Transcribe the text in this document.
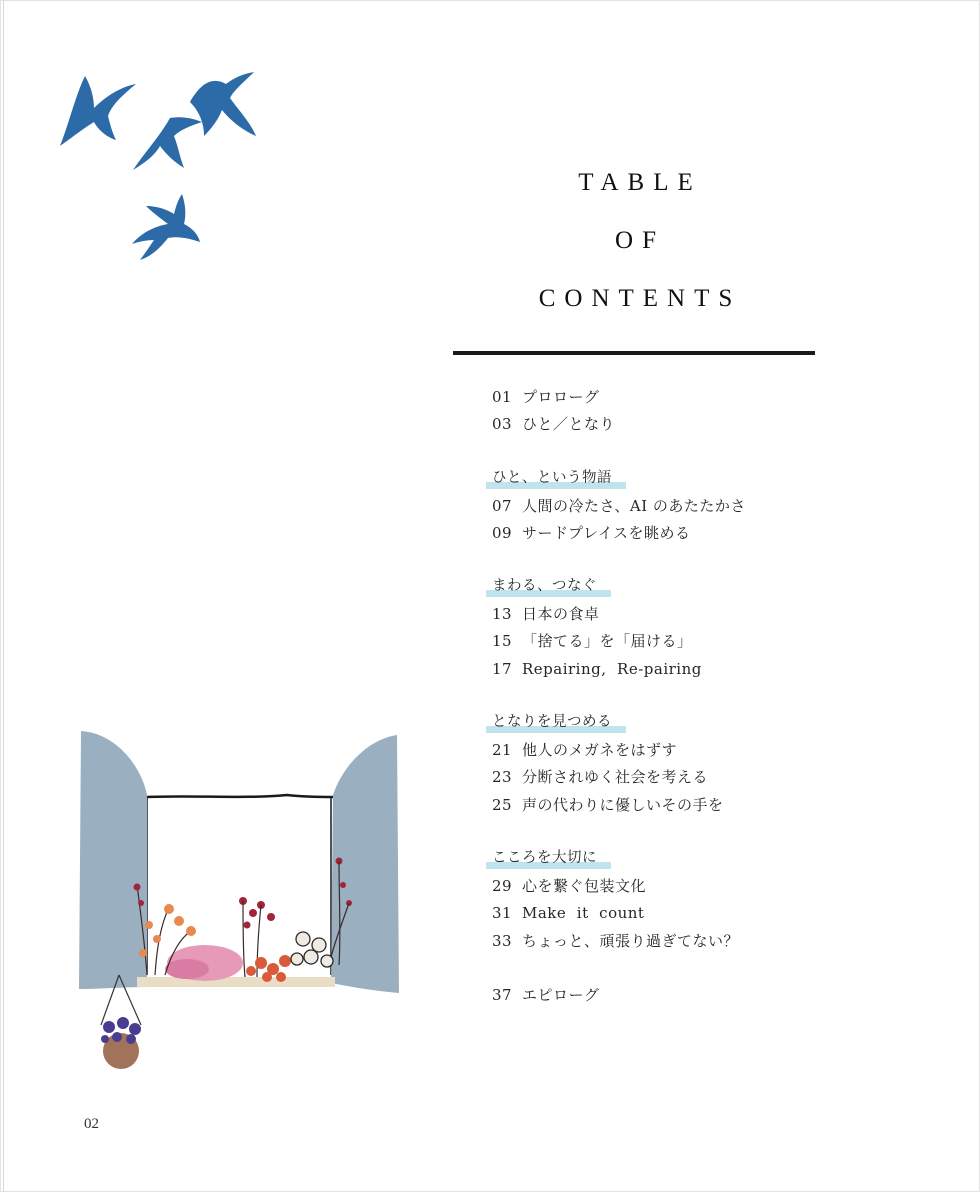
TABLE
OF
CONTENTS
01 プロローグ
03 ひと／となり
ひと、という物語
07 人間の冷たさ、AI のあたたかさ
09 サードプレイスを眺める
まわる、つなぐ
13 日本の食卓
15 「捨てる」を「届ける」
17 Repairing,  Re-pairing
となりを見つめる
21 他人のメガネをはずす
23 分断されゆく社会を考える
25 声の代わりに優しいその手を
こころを大切に
29 心を繋ぐ包装文化
31 Make  it  count
33 ちょっと、頑張り過ぎてない？
37 エピローグ
02
